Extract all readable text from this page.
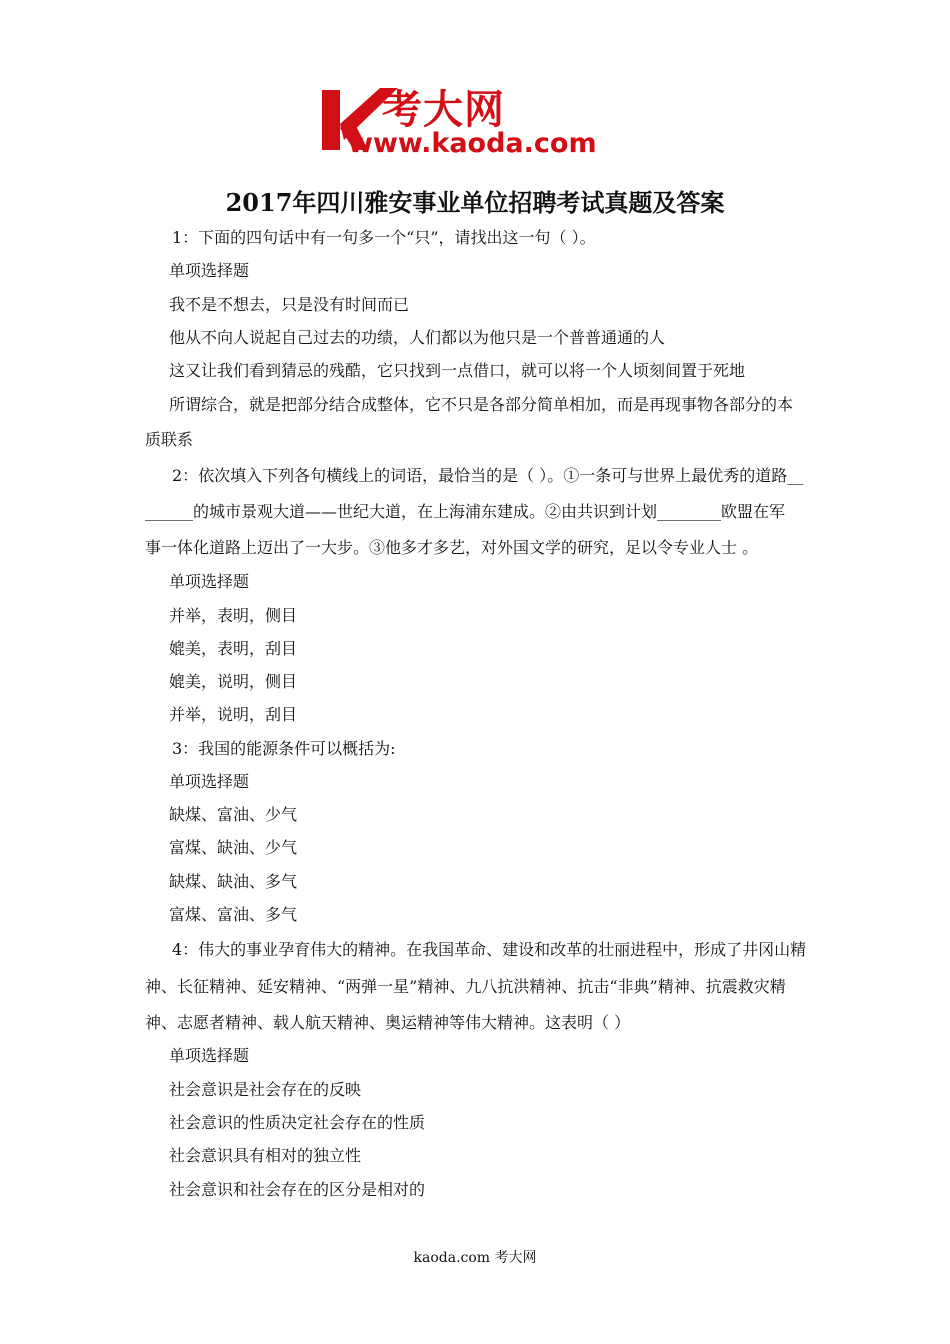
考大网
www.kaoda.com
2017年四川雅安事业单位招聘考试真题及答案
1：下面的四句话中有一句多一个“只”，请找出这一句（ ）。
单项选择题
我不是不想去，只是没有时间而已
他从不向人说起自己过去的功绩，人们都以为他只是一个普普通通的人
这又让我们看到猜忌的残酷，它只找到一点借口，就可以将一个人顷刻间置于死地
所谓综合，就是把部分结合成整体，它不只是各部分简单相加，而是再现事物各部分的本
质联系
2：依次填入下列各句横线上的词语，最恰当的是（ ）。①一条可与世界上最优秀的道路__
______的城市景观大道——世纪大道，在上海浦东建成。②由共识到计划________欧盟在军
事一体化道路上迈出了一大步。③他多才多艺，对外国文学的研究，足以令专业人士 。
单项选择题
并举，表明，侧目
媲美，表明，刮目
媲美，说明，侧目
并举，说明，刮目
3：我国的能源条件可以概括为:
单项选择题
缺煤、富油、少气
富煤、缺油、少气
缺煤、缺油、多气
富煤、富油、多气
4：伟大的事业孕育伟大的精神。在我国革命、建设和改革的壮丽进程中，形成了井冈山精
神、长征精神、延安精神、“两弹一星”精神、九八抗洪精神、抗击“非典”精神、抗震救灾精
神、志愿者精神、载人航天精神、奥运精神等伟大精神。这表明（ ）
单项选择题
社会意识是社会存在的反映
社会意识的性质决定社会存在的性质
社会意识具有相对的独立性
社会意识和社会存在的区分是相对的
kaoda.com 考大网
